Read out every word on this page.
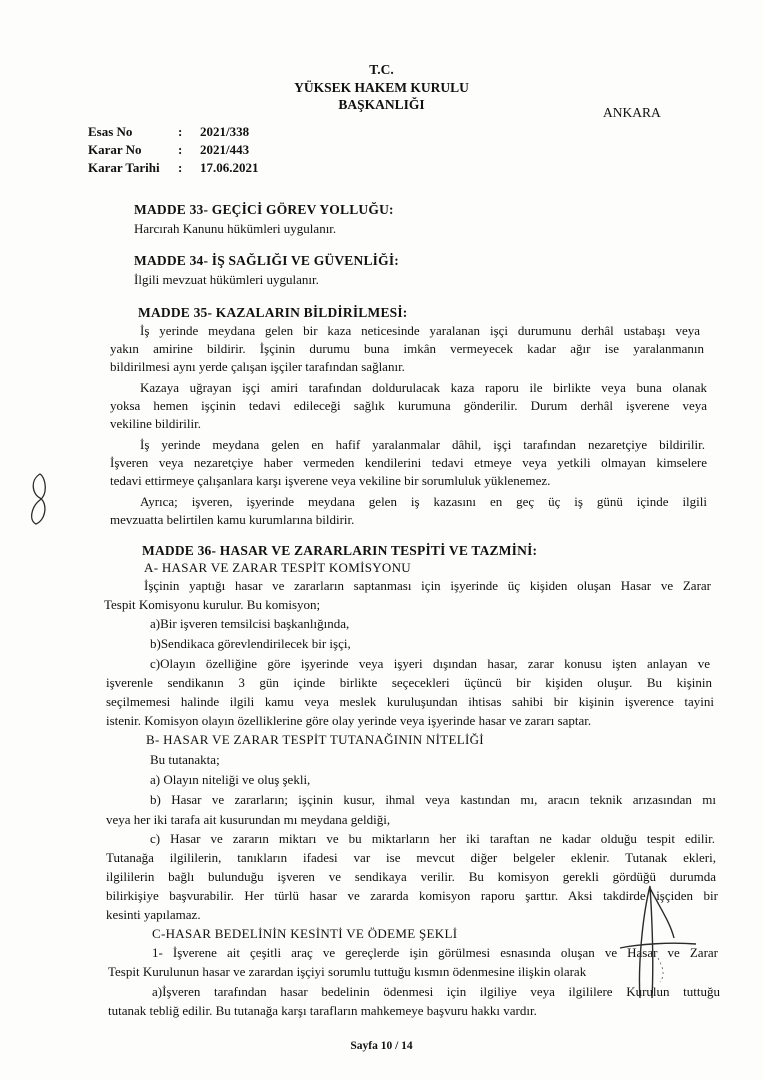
T.C.
YÜKSEK HAKEM KURULU
BAŞKANLIĞI
ANKARA
Esas No	: 2021/338
Karar No	: 2021/443
Karar Tarihi : 17.06.2021
MADDE 33- GEÇİCİ GÖREV YOLLUĞU:
Harcırah Kanunu hükümleri uygulanır.
MADDE 34- İŞ SAĞLIĞI VE GÜVENLİĞİ:
İlgili mevzuat hükümleri uygulanır.
MADDE 35- KAZALARIN BİLDİRİLMESİ:
İş yerinde meydana gelen bir kaza neticesinde yaralanan işçi durumunu derhâl ustabaşı veya
yakın amirine bildirir. İşçinin durumu buna imkân vermeyecek kadar ağır ise yaralanmanın
bildirilmesi aynı yerde çalışan işçiler tarafından sağlanır.
Kazaya uğrayan işçi amiri tarafından doldurulacak kaza raporu ile birlikte veya buna olanak
yoksa hemen işçinin tedavi edileceği sağlık kurumuna gönderilir. Durum derhâl işverene veya
vekiline bildirilir.
İş yerinde meydana gelen en hafif yaralanmalar dâhil, işçi tarafından nezaretçiye bildirilir.
İşveren veya nezaretçiye haber vermeden kendilerini tedavi etmeye veya yetkili olmayan kimselere
tedavi ettirmeye çalışanlara karşı işverene veya vekiline bir sorumluluk yüklenemez.
Ayrıca; işveren, işyerinde meydana gelen iş kazasını en geç üç iş günü içinde ilgili
mevzuatta belirtilen kamu kurumlarına bildirir.
MADDE 36- HASAR VE ZARARLARIN TESPİTİ VE TAZMİNİ:
A- HASAR VE ZARAR TESPİT KOMİSYONU
İşçinin yaptığı hasar ve zararların saptanması için işyerinde üç kişiden oluşan Hasar ve Zarar
Tespit Komisyonu kurulur. Bu komisyon;
a)Bir işveren temsilcisi başkanlığında,
b)Sendikaca görevlendirilecek bir işçi,
c)Olayın özelliğine göre işyerinde veya işyeri dışından hasar, zarar konusu işten anlayan ve
işverenle sendikanın 3 gün içinde birlikte seçecekleri üçüncü bir kişiden oluşur. Bu kişinin
seçilmemesi halinde ilgili kamu veya meslek kuruluşundan ihtisas sahibi bir kişinin işverence tayini
istenir. Komisyon olayın özelliklerine göre olay yerinde veya işyerinde hasar ve zararı saptar.
B- HASAR VE ZARAR TESPİT TUTANAĞININ NİTELİĞİ
Bu tutanakta;
a) Olayın niteliği ve oluş şekli,
b) Hasar ve zararların; işçinin kusur, ihmal veya kastından mı, aracın teknik arızasından mı
veya her iki tarafa ait kusurundan mı meydana geldiği,
c) Hasar ve zararın miktarı ve bu miktarların her iki taraftan ne kadar olduğu tespit edilir.
Tutanağa ilgililerin, tanıkların ifadesi var ise mevcut diğer belgeler eklenir. Tutanak ekleri,
ilgililerin bağlı bulunduğu işveren ve sendikaya verilir. Bu komisyon gerekli gördüğü durumda
bilirkişiye başvurabilir. Her türlü hasar ve zararda komisyon raporu şarttır. Aksi takdirde işçiden bir
kesinti yapılamaz.
C-HASAR BEDELİNİN KESİNTİ VE ÖDEME ŞEKLİ
1- İşverene ait çeşitli araç ve gereçlerde işin görülmesi esnasında oluşan ve Hasar ve Zarar
Tespit Kurulunun hasar ve zarardan işçiyi sorumlu tuttuğu kısmın ödenmesine ilişkin olarak
a)İşveren tarafından hasar bedelinin ödenmesi için ilgiliye veya ilgililere Kurulun tuttuğu
tutanak tebliğ edilir. Bu tutanağa karşı tarafların mahkemeye başvuru hakkı vardır.
Sayfa 10 / 14
